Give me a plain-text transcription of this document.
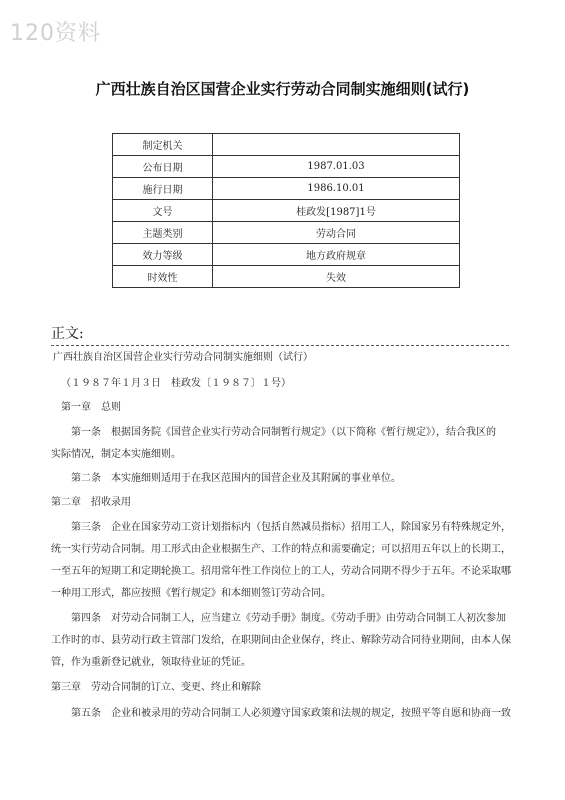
120资料
广西壮族自治区国营企业实行劳动合同制实施细则(试行)
制定机关	
公布日期	1987.01.03
施行日期	1986.10.01
文号	桂政发[1987]1号
主题类别	劳动合同
效力等级	地方政府规章
时效性	失效
正文:
广西壮族自治区国营企业实行劳动合同制实施细则（试行）
（１９８７年１月３日　桂政发〔１９８７〕１号）
第一章　总则
第一条　根据国务院《国营企业实行劳动合同制暂行规定》（以下简称《暂行规定》），结合我区的
实际情况，制定本实施细则。
第二条　本实施细则适用于在我区范围内的国营企业及其附属的事业单位。
第二章　招收录用
第三条　企业在国家劳动工资计划指标内（包括自然减员指标）招用工人，除国家另有特殊规定外，
统一实行劳动合同制。用工形式由企业根据生产、工作的特点和需要确定；可以招用五年以上的长期工，
一至五年的短期工和定期轮换工。招用常年性工作岗位上的工人，劳动合同期不得少于五年。不论采取哪
一种用工形式，都应按照《暂行规定》和本细则签订劳动合同。
第四条　对劳动合同制工人，应当建立《劳动手册》制度。《劳动手册》由劳动合同制工人初次参加
工作时的市、县劳动行政主管部门发给，在职期间由企业保存，终止、解除劳动合同待业期间，由本人保
管，作为重新登记就业，领取待业证的凭证。
第三章　劳动合同制的订立、变更、终止和解除
第五条　企业和被录用的劳动合同制工人必须遵守国家政策和法规的规定，按照平等自愿和协商一致
